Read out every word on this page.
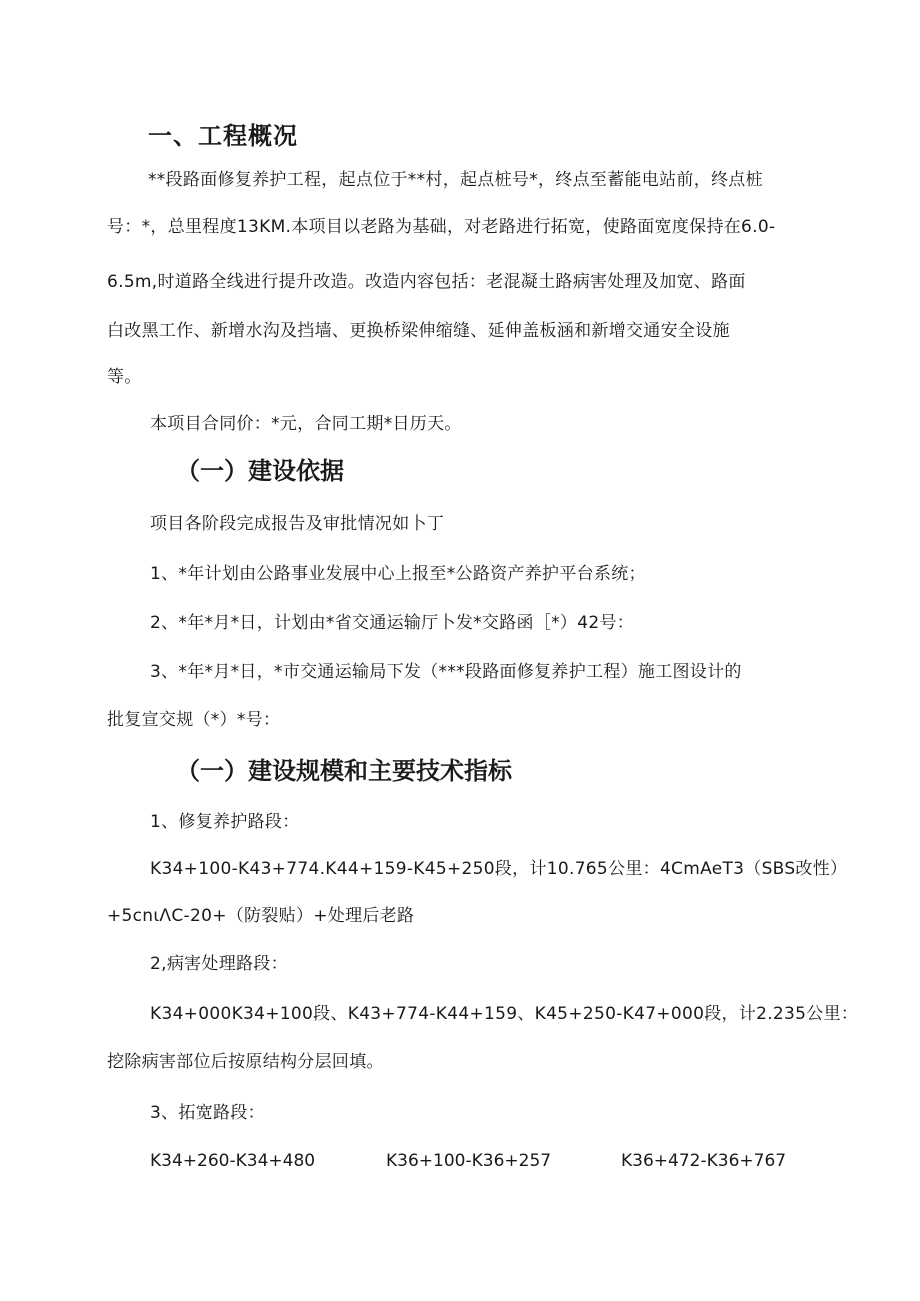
一、工程概况

**段路面修复养护工程，起点位于**村，起点桩号*，终点至蓄能电站前，终点桩

号：*，总里程度13KM.本项目以老路为基础，对老路进行拓宽，使路面宽度保持在6.0-

6.5m,时道路全线进行提升改造。改造内容包括：老混凝土路病害处理及加宽、路面

白改黑工作、新增水沟及挡墙、更换桥梁伸缩缝、延伸盖板涵和新增交通安全设施

等。

本项目合同价：*元，合同工期*日历天。

（一）建设依据

项目各阶段完成报告及审批情况如卜丁

1、*年计划由公路事业发展中心上报至*公路资产养护平台系统；

2、*年*月*日，计划由*省交通运输厅卜发*交路函［*）42号：

3、*年*月*日，*市交通运输局下发（***段路面修复养护工程）施工图设计的

批复宣交规（*）*号：

（一）建设规模和主要技术指标

1、修复养护路段：

K34+100-K43+774.K44+159-K45+250段，计10.765公里：4CmAeT3（SBS改性）

+5cnιΛC-20+（防裂贴）+处理后老路

2,病害处理路段：

K34+000K34+100段、K43+774-K44+159、K45+250-K47+000段，计2.235公里：

挖除病害部位后按原结构分层回填。

3、拓宽路段：

K34+260-K34+480	K36+100-K36+257	K36+472-K36+767
